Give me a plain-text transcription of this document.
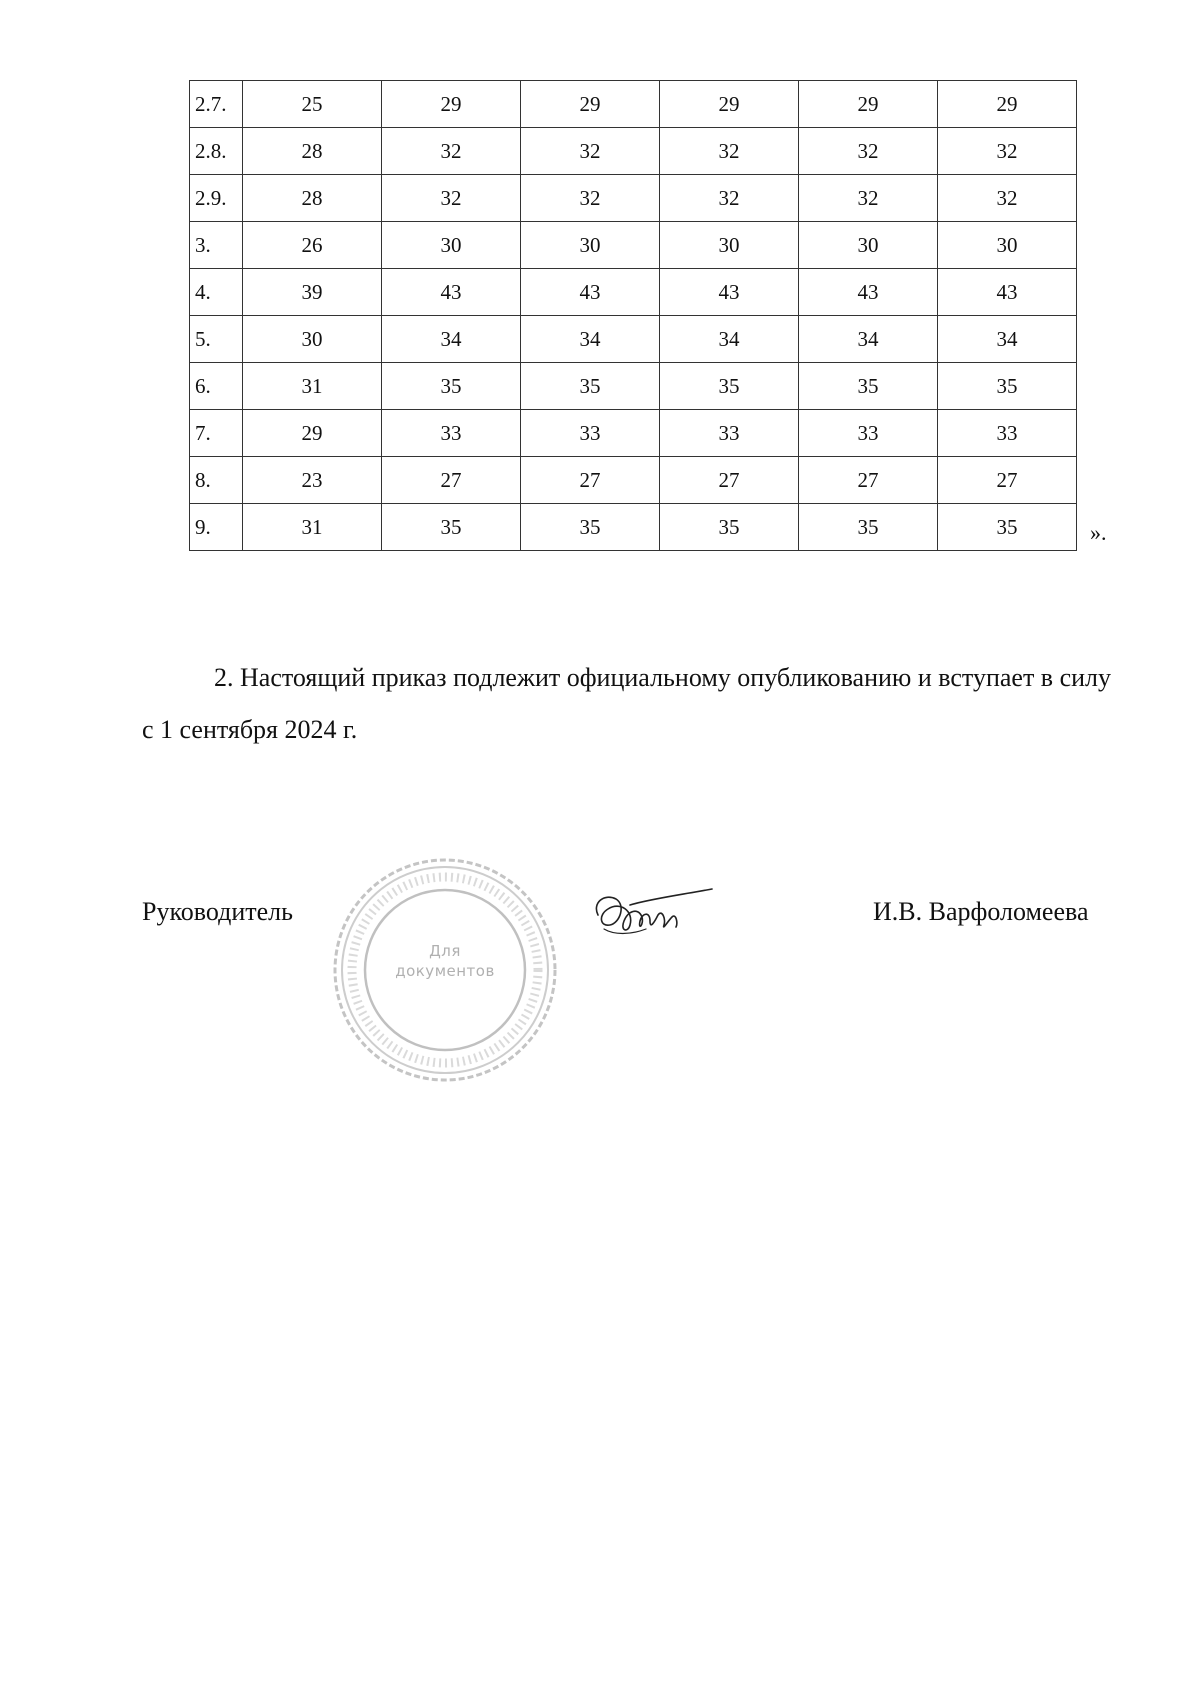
2.7.	25	29	29	29	29	29
2.8.	28	32	32	32	32	32
2.9.	28	32	32	32	32	32
3.	26	30	30	30	30	30
4.	39	43	43	43	43	43
5.	30	34	34	34	34	34
6.	31	35	35	35	35	35
7.	29	33	33	33	33	33
8.	23	27	27	27	27	27
9.	31	35	35	35	35	35	».

2. Настоящий приказ подлежит официальному опубликованию и вступает в силу с 1 сентября 2024 г.

Руководитель
Для
документов
И.В. Варфоломеева
